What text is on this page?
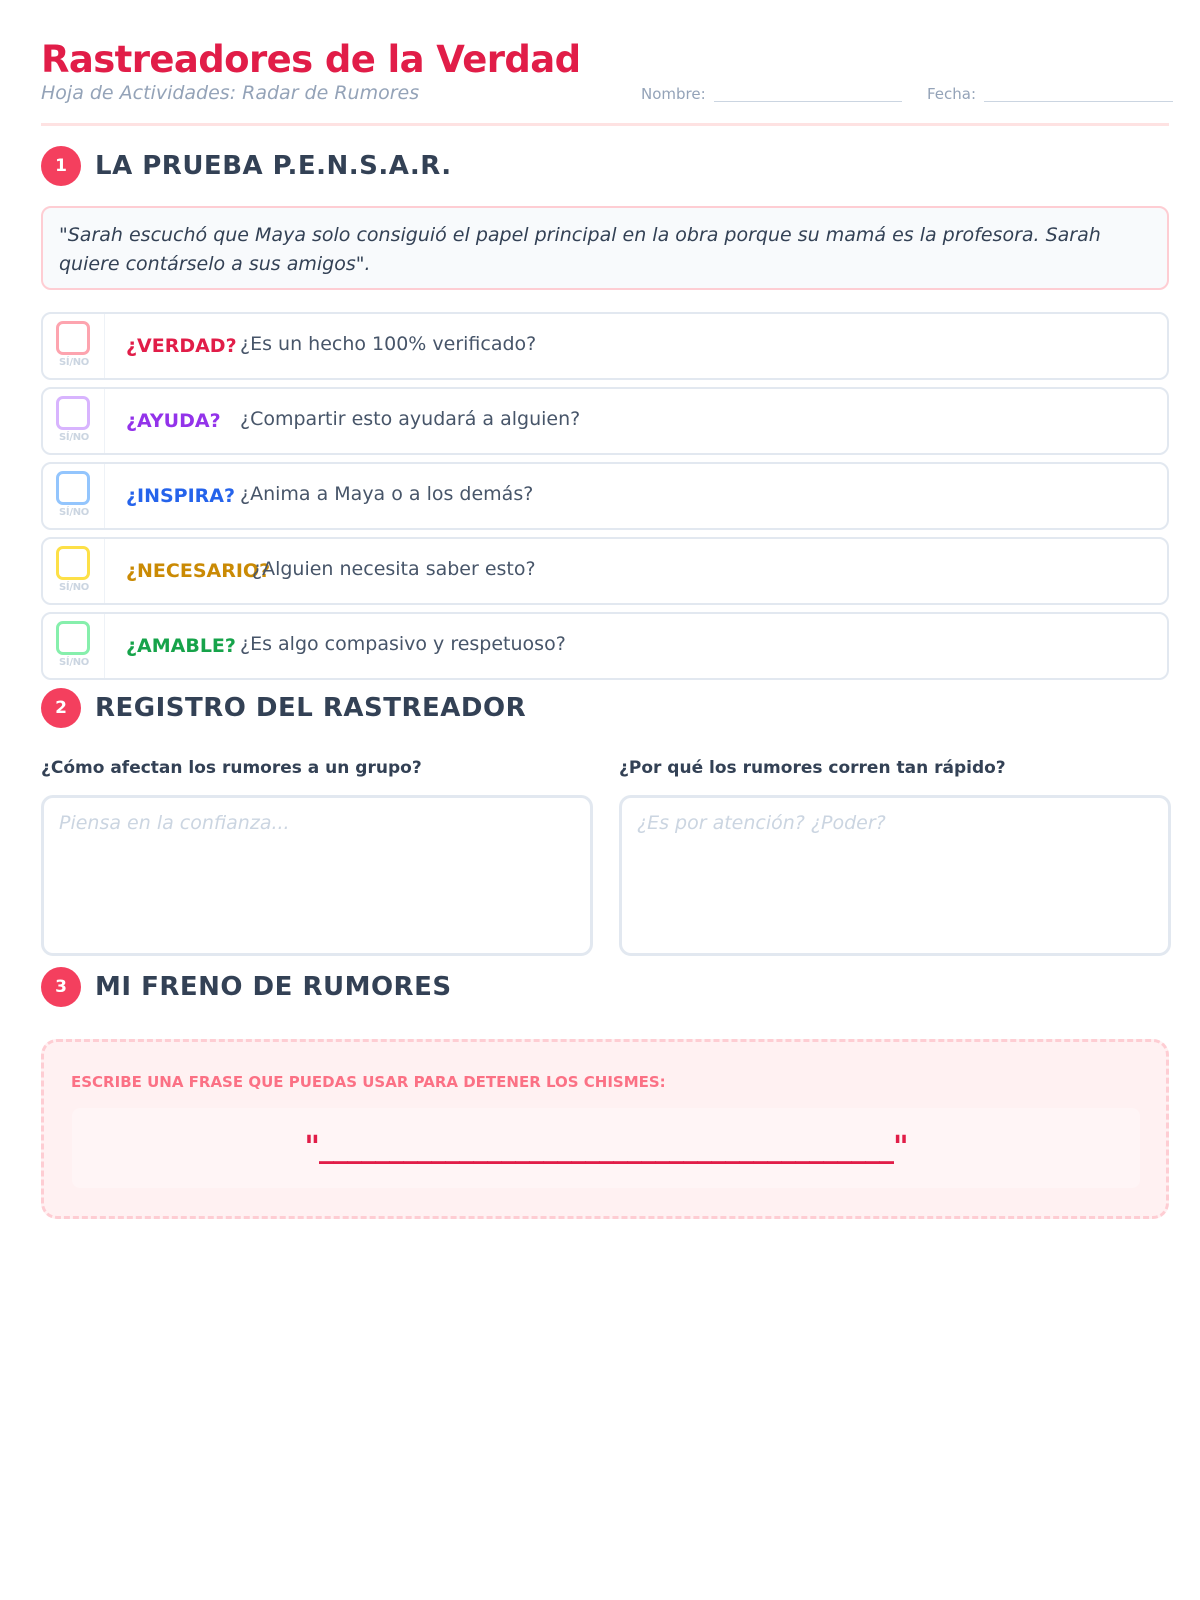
Rastreadores de la Verdad
Hoja de Actividades: Radar de Rumores	Nombre:	Fecha:
1	LA PRUEBA P.E.N.S.A.R.
"Sarah escuchó que Maya solo consiguió el papel principal en la obra porque su mamá es la profesora. Sarah quiere contárselo a sus amigos".
SÍ/NO
¿VERDAD? ¿Es un hecho 100% verificado?
SÍ/NO
¿AYUDA? ¿Compartir esto ayudará a alguien?
SÍ/NO
¿INSPIRA? ¿Anima a Maya o a los demás?
SÍ/NO
¿NECESARIO?
¿Alguien necesita saber esto?
SÍ/NO
¿AMABLE? ¿Es algo compasivo y respetuoso?
2	REGISTRO DEL RASTREADOR
¿Cómo afectan los rumores a un grupo?	¿Por qué los rumores corren tan rápido?
Piensa en la confianza...	¿Es por atención? ¿Poder?
3	MI FRENO DE RUMORES
ESCRIBE UNA FRASE QUE PUEDAS USAR PARA DETENER LOS CHISMES:
"_________________________________________"
